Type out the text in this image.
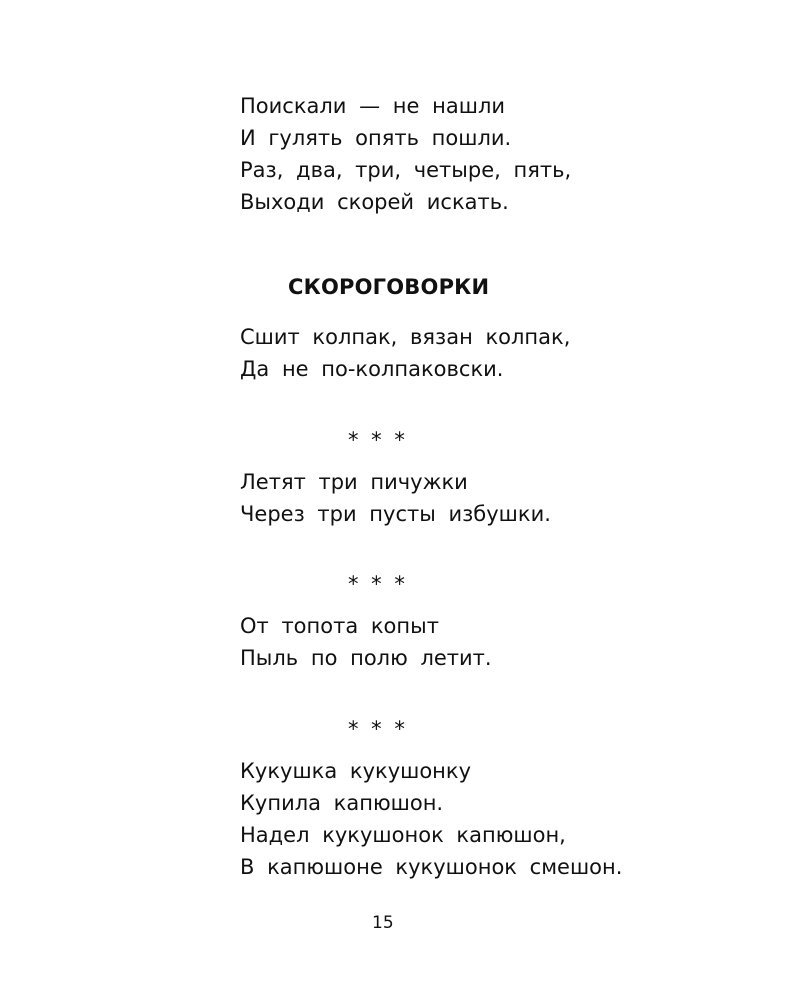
Поискали — не нашли
И гулять опять пошли.
Раз, два, три, четыре, пять,
Выходи скорей искать.
СКОРОГОВОРКИ
Сшит колпак, вязан колпак,
Да не по-колпаковски.
* * *
Летят три пичужки
Через три пусты избушки.
* * *
От топота копыт
Пыль по полю летит.
* * *
Кукушка кукушонку
Купила капюшон.
Надел кукушонок капюшон,
В капюшоне кукушонок смешон.
15
